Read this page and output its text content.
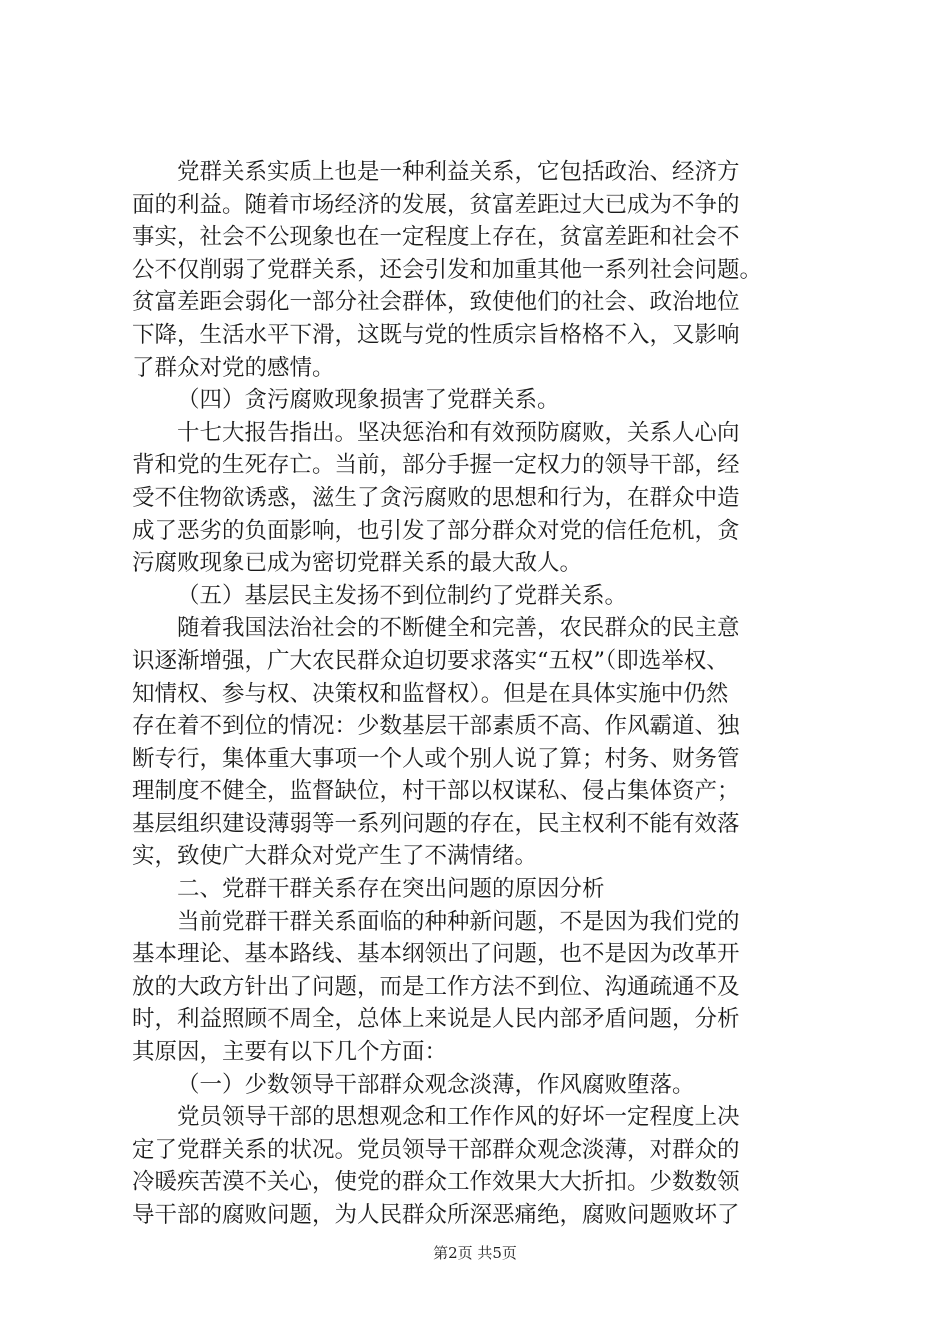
党群关系实质上也是一种利益关系，它包括政治、经济方
面的利益。随着市场经济的发展，贫富差距过大已成为不争的
事实，社会不公现象也在一定程度上存在，贫富差距和社会不
公不仅削弱了党群关系，还会引发和加重其他一系列社会问题。
贫富差距会弱化一部分社会群体，致使他们的社会、政治地位
下降，生活水平下滑，这既与党的性质宗旨格格不入，又影响
了群众对党的感情。
（四）贪污腐败现象损害了党群关系。
十七大报告指出。坚决惩治和有效预防腐败，关系人心向
背和党的生死存亡。当前，部分手握一定权力的领导干部，经
受不住物欲诱惑，滋生了贪污腐败的思想和行为，在群众中造
成了恶劣的负面影响，也引发了部分群众对党的信任危机，贪
污腐败现象已成为密切党群关系的最大敌人。
（五）基层民主发扬不到位制约了党群关系。
随着我国法治社会的不断健全和完善，农民群众的民主意
识逐渐增强，广大农民群众迫切要求落实“五权”（即选举权、
知情权、参与权、决策权和监督权）。但是在具体实施中仍然
存在着不到位的情况：少数基层干部素质不高、作风霸道、独
断专行，集体重大事项一个人或个别人说了算；村务、财务管
理制度不健全，监督缺位，村干部以权谋私、侵占集体资产；
基层组织建设薄弱等一系列问题的存在，民主权利不能有效落
实，致使广大群众对党产生了不满情绪。
二、党群干群关系存在突出问题的原因分析
当前党群干群关系面临的种种新问题，不是因为我们党的
基本理论、基本路线、基本纲领出了问题，也不是因为改革开
放的大政方针出了问题，而是工作方法不到位、沟通疏通不及
时，利益照顾不周全，总体上来说是人民内部矛盾问题，分析
其原因，主要有以下几个方面：
（一）少数领导干部群众观念淡薄，作风腐败堕落。
党员领导干部的思想观念和工作作风的好坏一定程度上决
定了党群关系的状况。党员领导干部群众观念淡薄，对群众的
冷暖疾苦漠不关心，使党的群众工作效果大大折扣。少数数领
导干部的腐败问题，为人民群众所深恶痛绝，腐败问题败坏了
第2页 共5页
